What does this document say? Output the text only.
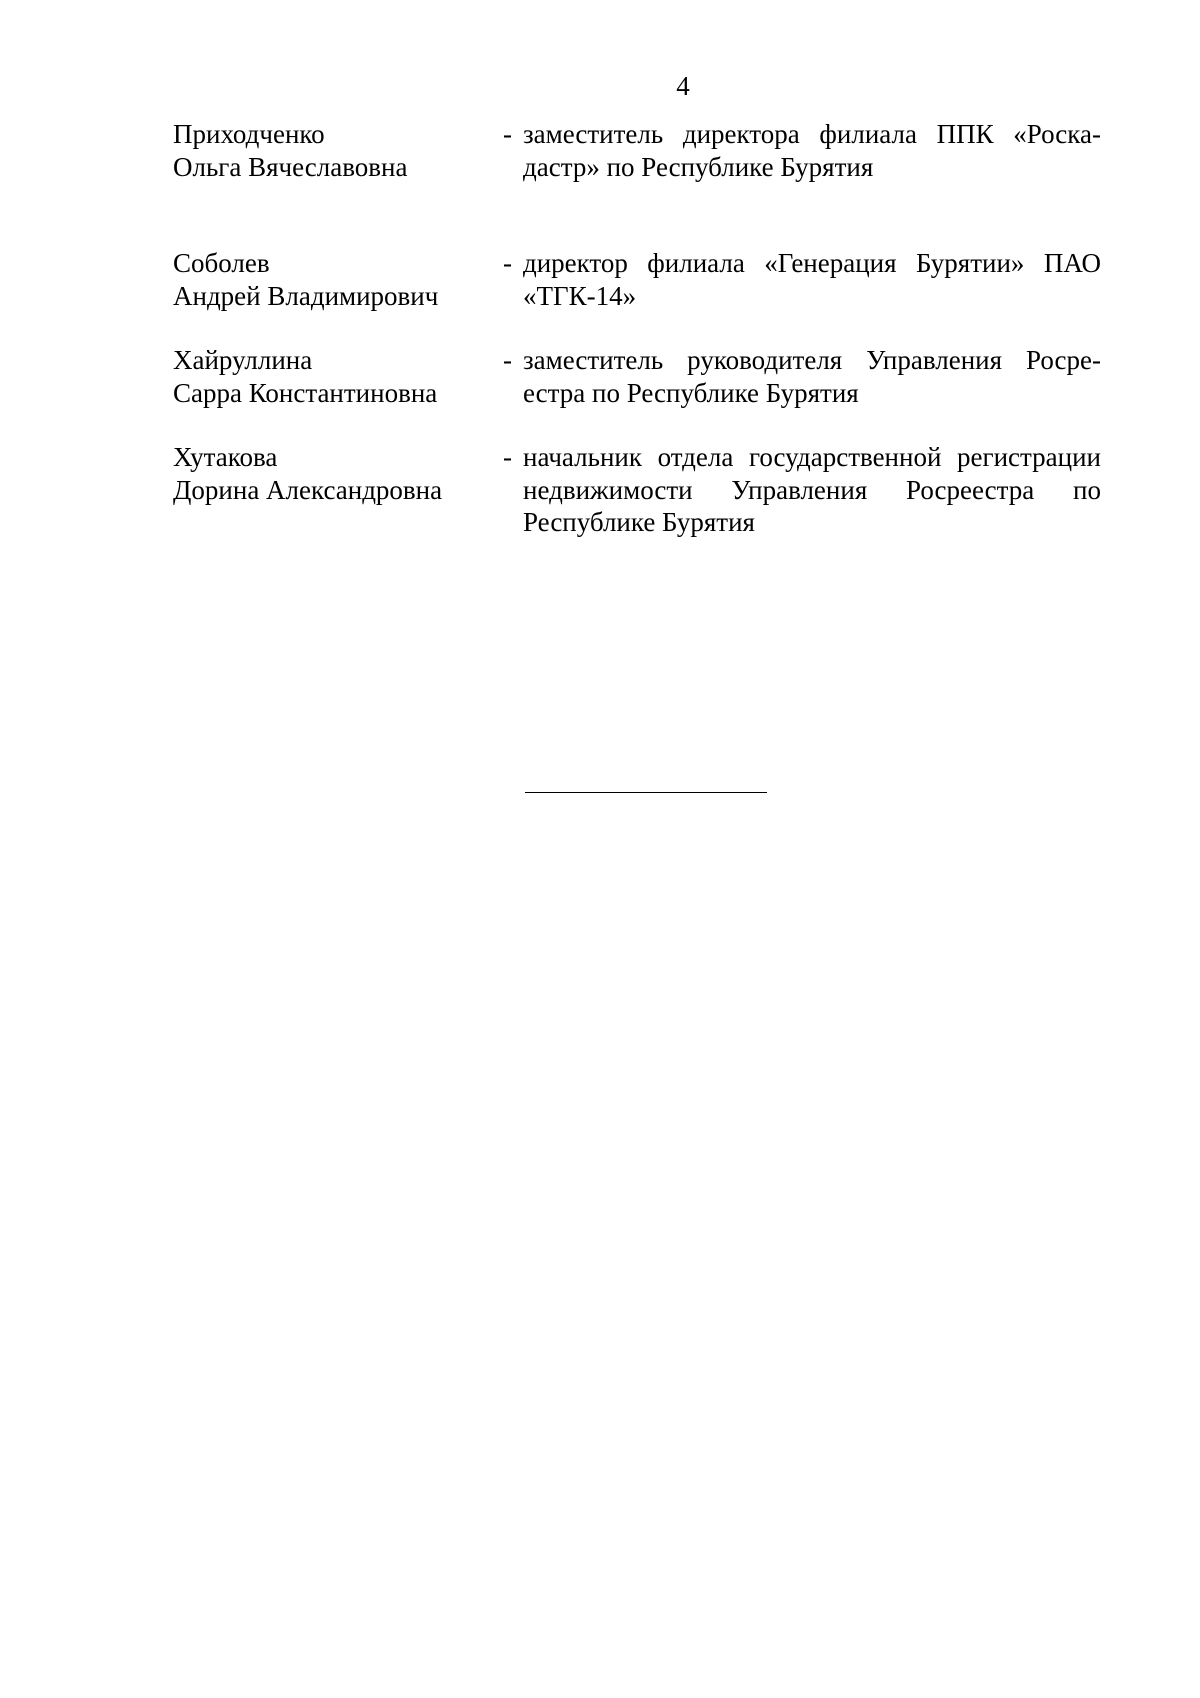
4
Приходченко
Ольга Вячеславовна
- заместитель директора филиала ППК «Роскадастр» по Республике Бурятия
Соболев
Андрей Владимирович
- директор филиала «Генерация Бурятии» ПАО «ТГК-14»
Хайруллина
Сарра Константиновна
- заместитель руководителя Управления Росреестра по Республике Бурятия
Хутакова
Дорина Александровна
- начальник отдела государственной регистрации недвижимости Управления Росреестра по Республике Бурятия
